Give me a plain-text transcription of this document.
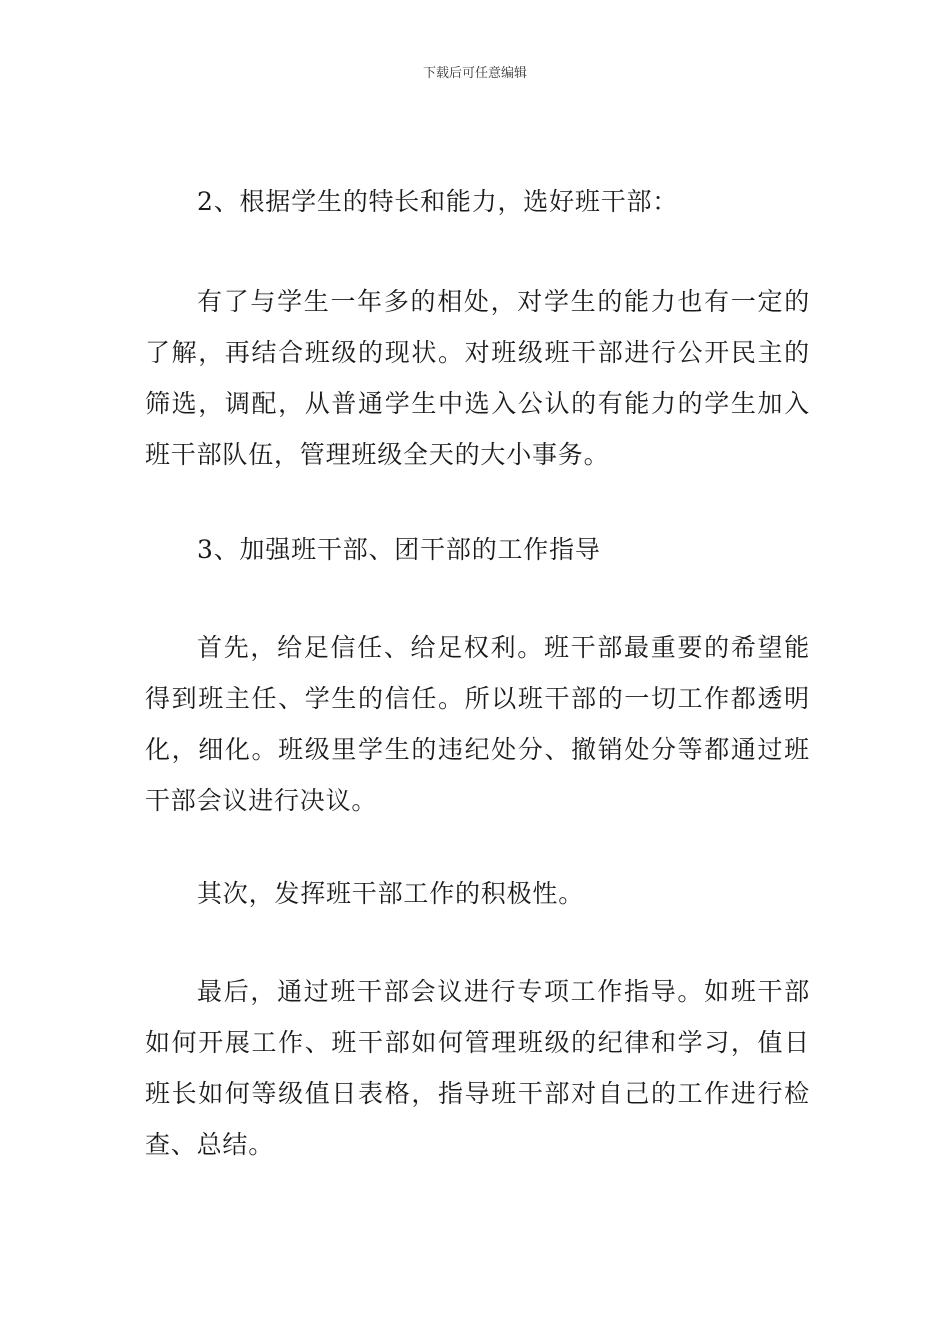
下载后可任意编辑

2、根据学生的特长和能力，选好班干部：

有了与学生一年多的相处，对学生的能力也有一定的了解，再结合班级的现状。对班级班干部进行公开民主的筛选，调配，从普通学生中选入公认的有能力的学生加入班干部队伍，管理班级全天的大小事务。

3、加强班干部、团干部的工作指导

首先，给足信任、给足权利。班干部最重要的希望能得到班主任、学生的信任。所以班干部的一切工作都透明化，细化。班级里学生的违纪处分、撤销处分等都通过班干部会议进行决议。

其次，发挥班干部工作的积极性。

最后，通过班干部会议进行专项工作指导。如班干部如何开展工作、班干部如何管理班级的纪律和学习，值日班长如何等级值日表格，指导班干部对自己的工作进行检查、总结。
